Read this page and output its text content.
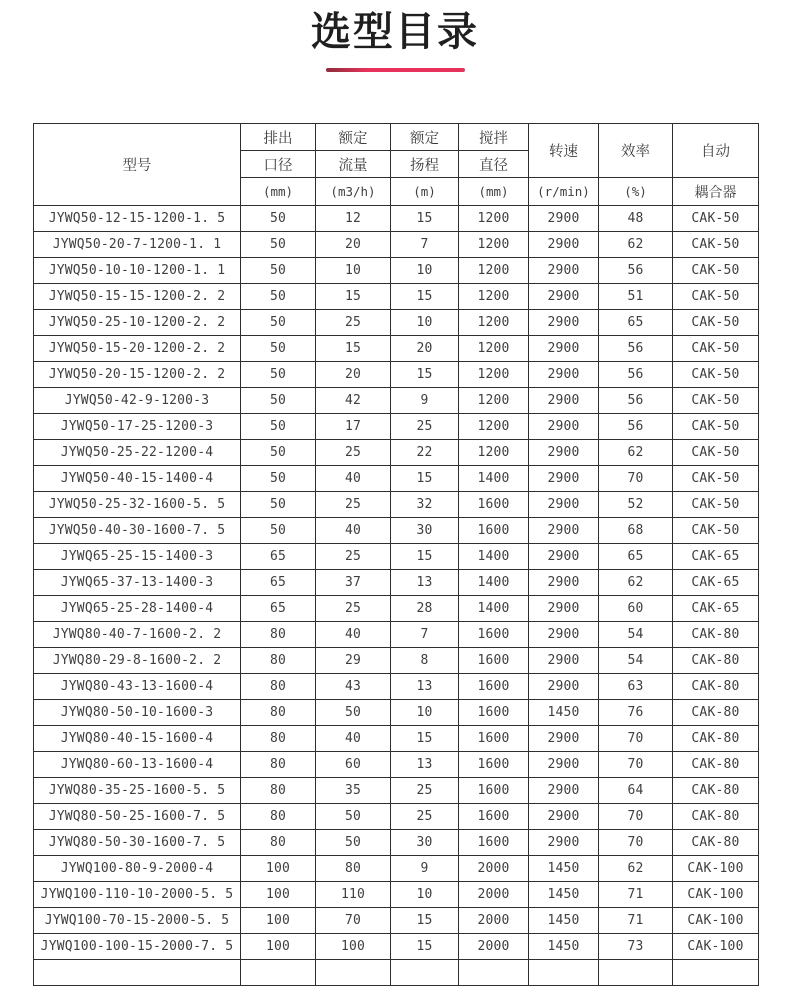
选型目录
型号	排出	额定	额定	搅拌	转速	效率	自动
	口径	流量	扬程	直径			
	(mm)	(m3/h)	(m)	(mm)	(r/min)	(%)	耦合器
JYWQ50-12-15-1200-1. 5	50	12	15	1200	2900	48	CAK-50
JYWQ50-20-7-1200-1. 1	50	20	7	1200	2900	62	CAK-50
JYWQ50-10-10-1200-1. 1	50	10	10	1200	2900	56	CAK-50
JYWQ50-15-15-1200-2. 2	50	15	15	1200	2900	51	CAK-50
JYWQ50-25-10-1200-2. 2	50	25	10	1200	2900	65	CAK-50
JYWQ50-15-20-1200-2. 2	50	15	20	1200	2900	56	CAK-50
JYWQ50-20-15-1200-2. 2	50	20	15	1200	2900	56	CAK-50
JYWQ50-42-9-1200-3	50	42	9	1200	2900	56	CAK-50
JYWQ50-17-25-1200-3	50	17	25	1200	2900	56	CAK-50
JYWQ50-25-22-1200-4	50	25	22	1200	2900	62	CAK-50
JYWQ50-40-15-1400-4	50	40	15	1400	2900	70	CAK-50
JYWQ50-25-32-1600-5. 5	50	25	32	1600	2900	52	CAK-50
JYWQ50-40-30-1600-7. 5	50	40	30	1600	2900	68	CAK-50
JYWQ65-25-15-1400-3	65	25	15	1400	2900	65	CAK-65
JYWQ65-37-13-1400-3	65	37	13	1400	2900	62	CAK-65
JYWQ65-25-28-1400-4	65	25	28	1400	2900	60	CAK-65
JYWQ80-40-7-1600-2. 2	80	40	7	1600	2900	54	CAK-80
JYWQ80-29-8-1600-2. 2	80	29	8	1600	2900	54	CAK-80
JYWQ80-43-13-1600-4	80	43	13	1600	2900	63	CAK-80
JYWQ80-50-10-1600-3	80	50	10	1600	1450	76	CAK-80
JYWQ80-40-15-1600-4	80	40	15	1600	2900	70	CAK-80
JYWQ80-60-13-1600-4	80	60	13	1600	2900	70	CAK-80
JYWQ80-35-25-1600-5. 5	80	35	25	1600	2900	64	CAK-80
JYWQ80-50-25-1600-7. 5	80	50	25	1600	2900	70	CAK-80
JYWQ80-50-30-1600-7. 5	80	50	30	1600	2900	70	CAK-80
JYWQ100-80-9-2000-4	100	80	9	2000	1450	62	CAK-100
JYWQ100-110-10-2000-5. 5	100	110	10	2000	1450	71	CAK-100
JYWQ100-70-15-2000-5. 5	100	70	15	2000	1450	71	CAK-100
JYWQ100-100-15-2000-7. 5	100	100	15	2000	1450	73	CAK-100
